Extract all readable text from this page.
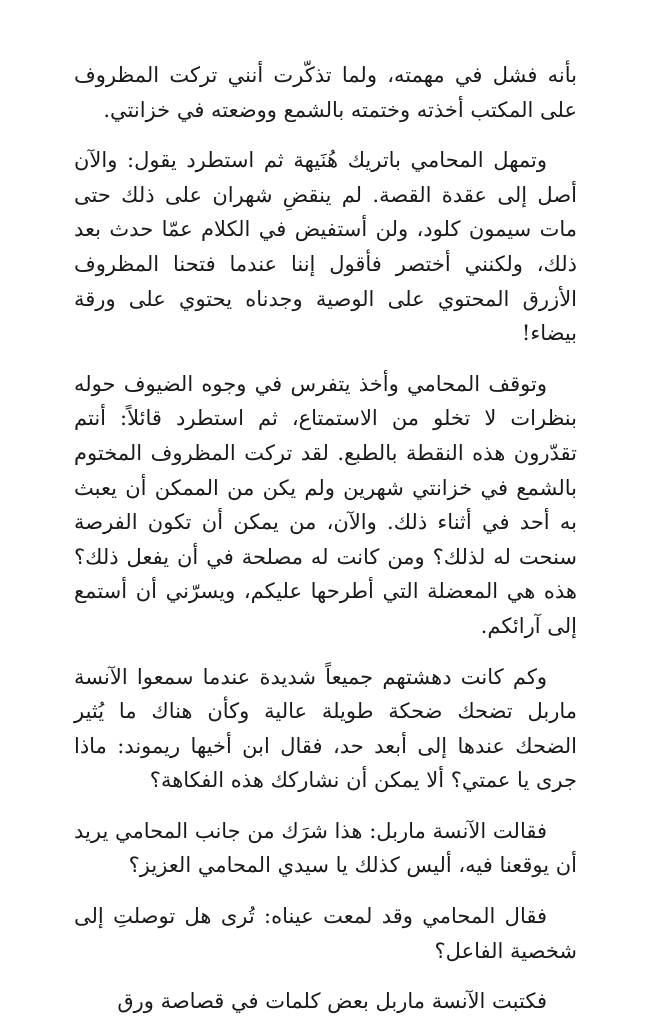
بأنه فشل في مهمته، ولما تذكّرت أنني تركت المظروف على المكتب أخذته وختمته بالشمع ووضعته في خزانتي.

وتمهل المحامي باتريك هُنَيهة ثم استطرد يقول: والآن أصل إلى عقدة القصة. لم ينقضِ شهران على ذلك حتى مات سيمون كلود، ولن أستفيض في الكلام عمّا حدث بعد ذلك، ولكنني أختصر فأقول إننا عندما فتحنا المظروف الأزرق المحتوي على الوصية وجدناه يحتوي على ورقة بيضاء!

وتوقف المحامي وأخذ يتفرس في وجوه الضيوف حوله بنظرات لا تخلو من الاستمتاع، ثم استطرد قائلاً: أنتم تقدّرون هذه النقطة بالطبع. لقد تركت المظروف المختوم بالشمع في خزانتي شهرين ولم يكن من الممكن أن يعبث به أحد في أثناء ذلك. والآن، من يمكن أن تكون الفرصة سنحت له لذلك؟ ومن كانت له مصلحة في أن يفعل ذلك؟ هذه هي المعضلة التي أطرحها عليكم، ويسرّني أن أستمع إلى آرائكم.

وكم كانت دهشتهم جميعاً شديدة عندما سمعوا الآنسة ماربل تضحك ضحكة طويلة عالية وكأن هناك ما يُثير الضحك عندها إلى أبعد حد، فقال ابن أخيها ريموند: ماذا جرى يا عمتي؟ ألا يمكن أن نشاركك هذه الفكاهة؟

فقالت الآنسة ماربل: هذا شرَك من جانب المحامي يريد أن يوقعنا فيه، أليس كذلك يا سيدي المحامي العزيز؟

فقال المحامي وقد لمعت عيناه: تُرى هل توصلتِ إلى شخصية الفاعل؟

فكتبت الآنسة ماربل بعض كلمات في قصاصة ورق
